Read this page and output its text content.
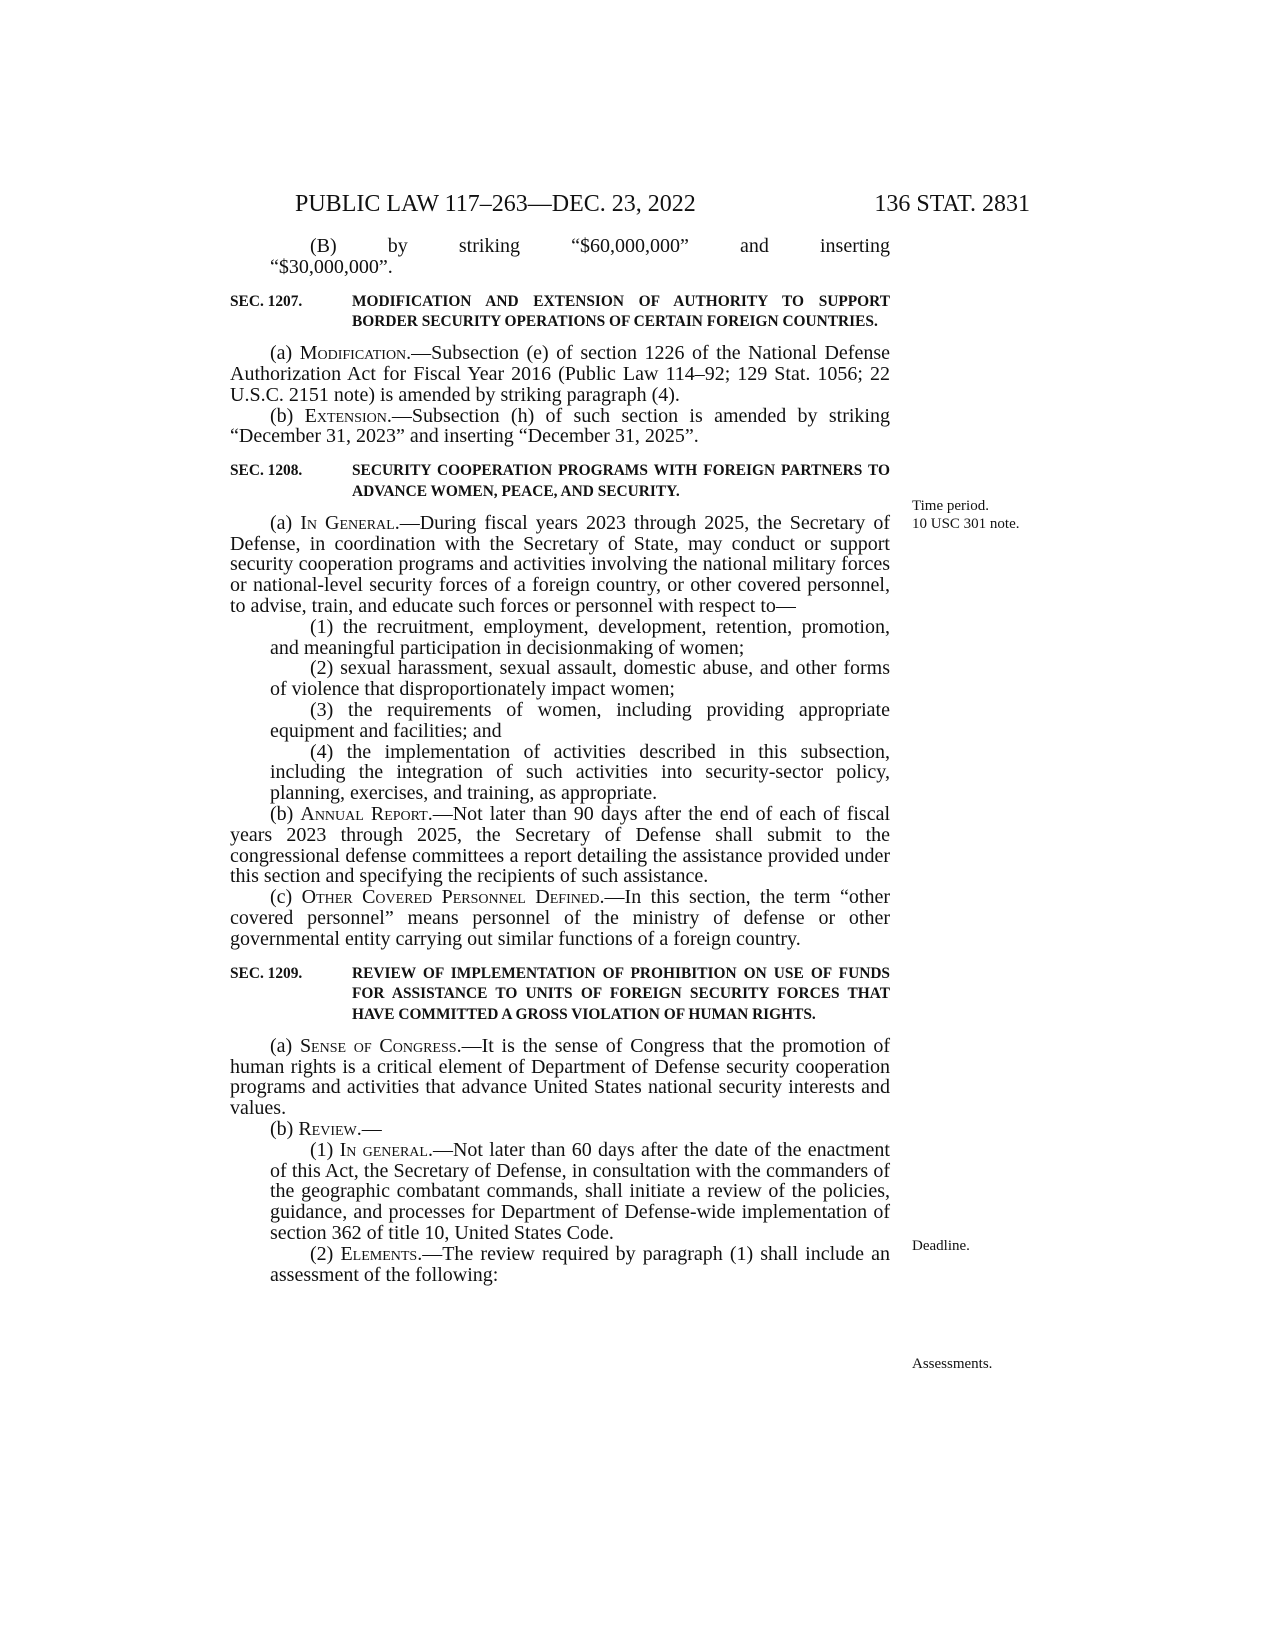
PUBLIC LAW 117–263—DEC. 23, 2022	136 STAT. 2831

(B) by striking “$60,000,000” and inserting

“$30,000,000”.

SEC. 1207.	MODIFICATION AND EXTENSION OF AUTHORITY TO SUPPORT BORDER SECURITY OPERATIONS OF CERTAIN FOREIGN COUNTRIES.

(a) Modification.—Subsection (e) of section 1226 of the National Defense Authorization Act for Fiscal Year 2016 (Public Law 114–92; 129 Stat. 1056; 22 U.S.C. 2151 note) is amended by striking paragraph (4).

(b) Extension.—Subsection (h) of such section is amended by striking “December 31, 2023” and inserting “December 31, 2025”.

SEC. 1208.	SECURITY COOPERATION PROGRAMS WITH FOREIGN PARTNERS TO ADVANCE WOMEN, PEACE, AND SECURITY.

(a) In General.—During fiscal years 2023 through 2025, the Secretary of Defense, in coordination with the Secretary of State, may conduct or support security cooperation programs and activities involving the national military forces or national-level security forces of a foreign country, or other covered personnel, to advise, train, and educate such forces or personnel with respect to—

(1) the recruitment, employment, development, retention, promotion, and meaningful participation in decisionmaking of women;

(2) sexual harassment, sexual assault, domestic abuse, and other forms of violence that disproportionately impact women;

(3) the requirements of women, including providing appropriate equipment and facilities; and

(4) the implementation of activities described in this subsection, including the integration of such activities into security-sector policy, planning, exercises, and training, as appropriate.

(b) Annual Report.—Not later than 90 days after the end of each of fiscal years 2023 through 2025, the Secretary of Defense shall submit to the congressional defense committees a report detailing the assistance provided under this section and specifying the recipients of such assistance.

(c) Other Covered Personnel Defined.—In this section, the term “other covered personnel” means personnel of the ministry of defense or other governmental entity carrying out similar functions of a foreign country.

SEC. 1209.	REVIEW OF IMPLEMENTATION OF PROHIBITION ON USE OF FUNDS FOR ASSISTANCE TO UNITS OF FOREIGN SECURITY FORCES THAT HAVE COMMITTED A GROSS VIOLATION OF HUMAN RIGHTS.

(a) Sense of Congress.—It is the sense of Congress that the promotion of human rights is a critical element of Department of Defense security cooperation programs and activities that advance United States national security interests and values.

(b) Review.—

(1) In general.—Not later than 60 days after the date of the enactment of this Act, the Secretary of Defense, in consultation with the commanders of the geographic combatant commands, shall initiate a review of the policies, guidance, and processes for Department of Defense-wide implementation of section 362 of title 10, United States Code.

(2) Elements.—The review required by paragraph (1) shall include an assessment of the following:

Time period.
10 USC 301 note.
Deadline.
Assessments.
